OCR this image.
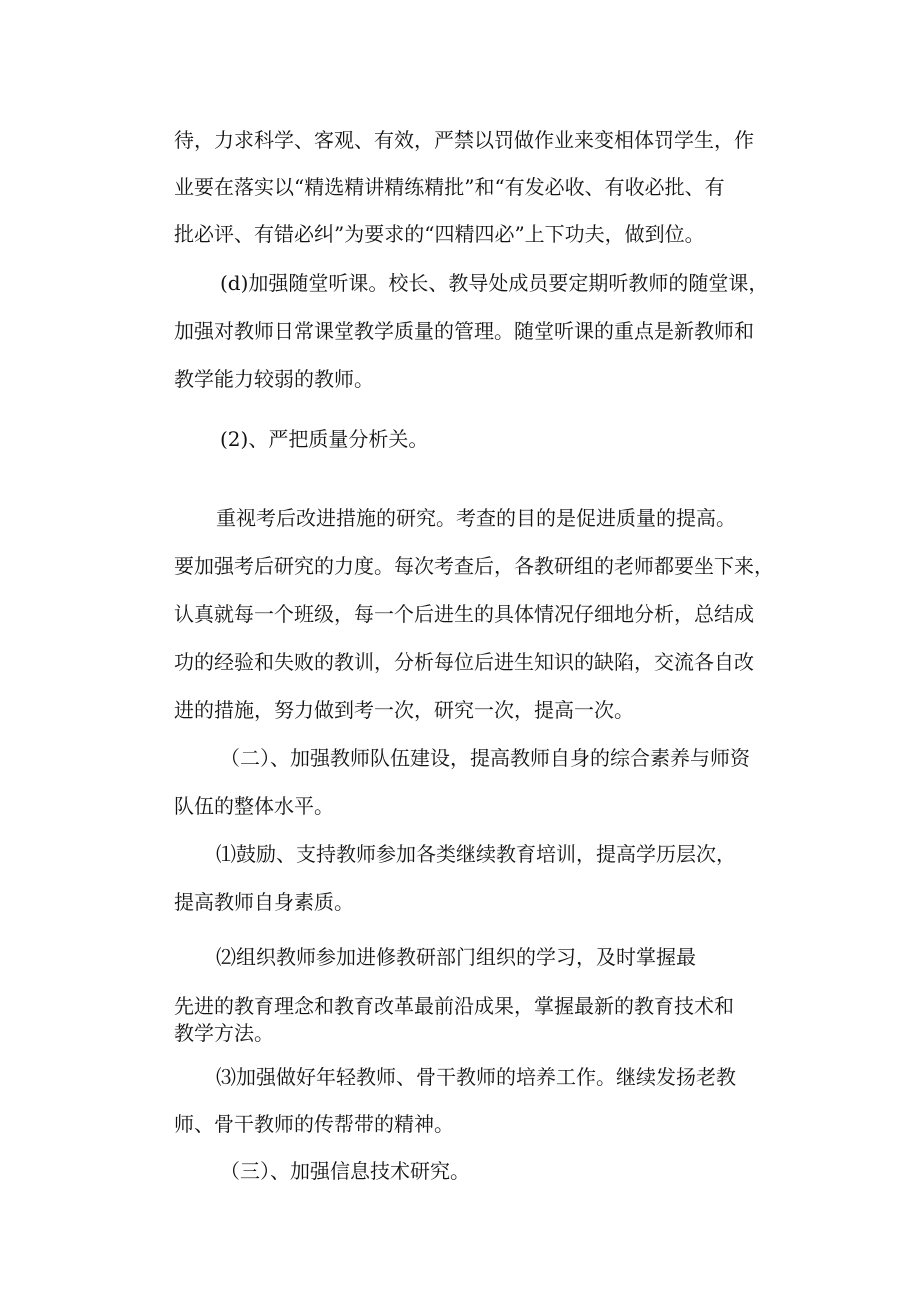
待，力求科学、客观、有效，严禁以罚做作业来变相体罚学生，作

业要在落实以“精选精讲精练精批”和“有发必收、有收必批、有

批必评、有错必纠”为要求的“四精四必”上下功夫，做到位。

(d)加强随堂听课。校长、教导处成员要定期听教师的随堂课，

加强对教师日常课堂教学质量的管理。随堂听课的重点是新教师和

教学能力较弱的教师。

(2)、严把质量分析关。

重视考后改进措施的研究。考查的目的是促进质量的提高。

要加强考后研究的力度。每次考查后，各教研组的老师都要坐下来，

认真就每一个班级，每一个后进生的具体情况仔细地分析，总结成

功的经验和失败的教训，分析每位后进生知识的缺陷，交流各自改

进的措施，努力做到考一次，研究一次，提高一次。

（二）、加强教师队伍建设，提高教师自身的综合素养与师资

队伍的整体水平。

⑴鼓励、支持教师参加各类继续教育培训，提高学历层次，

提高教师自身素质。

⑵组织教师参加进修教研部门组织的学习，及时掌握最

先进的教育理念和教育改革最前沿成果，掌握最新的教育技术和

教学方法。

⑶加强做好年轻教师、骨干教师的培养工作。继续发扬老教

师、骨干教师的传帮带的精神。

（三）、加强信息技术研究。
